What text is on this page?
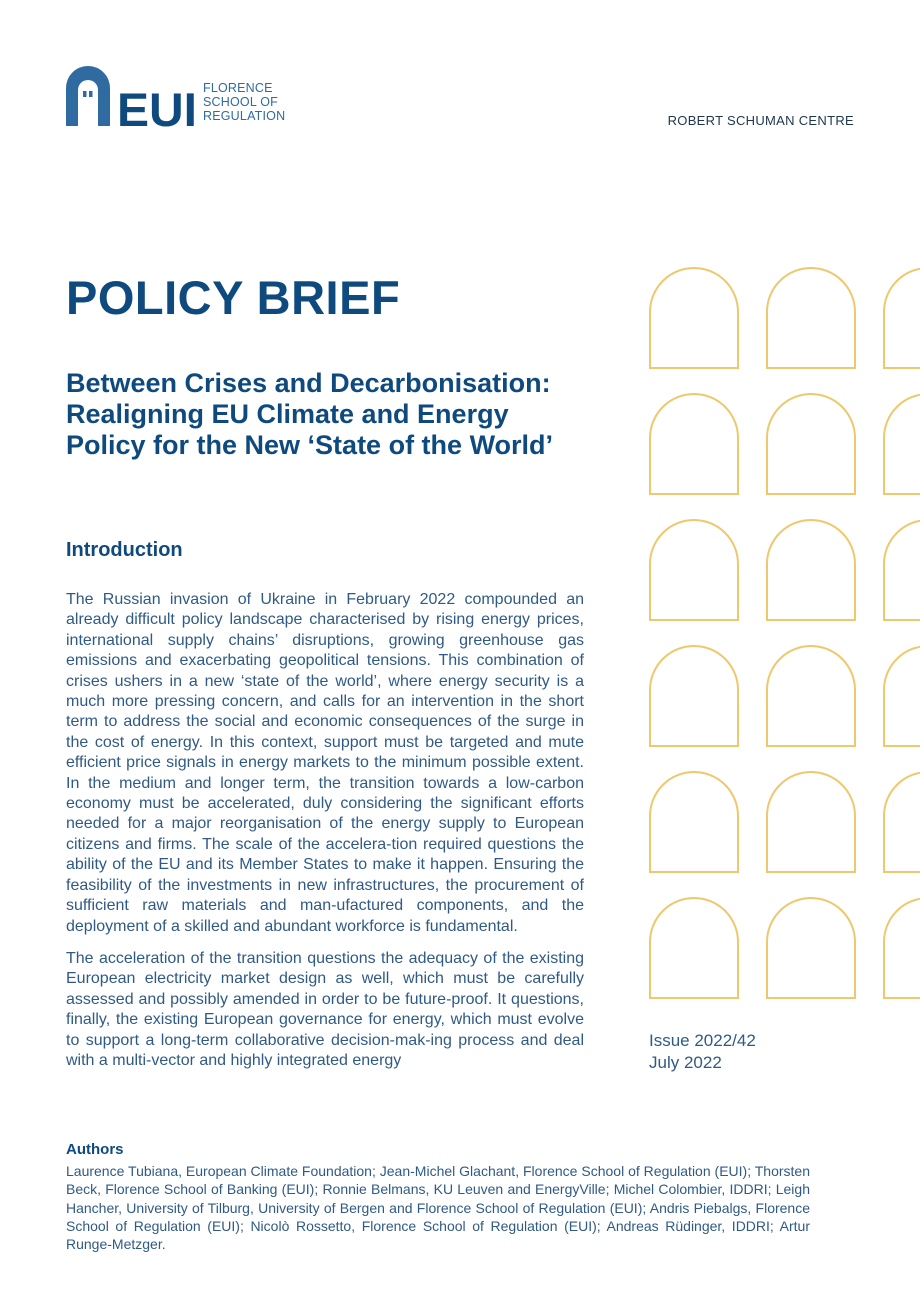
EUI FLORENCE
SCHOOL OF
REGULATION	ROBERT SCHUMAN CENTRE
POLICY BRIEF
Between Crises and Decarbonisation: Realigning EU Climate and Energy Policy for the New ‘State of the World’
Introduction

The Russian invasion of Ukraine in February 2022 compounded an already difficult policy landscape characterised by rising energy prices, international supply chains’ disruptions, growing greenhouse gas emissions and exacerbating geopolitical tensions. This combination of crises ushers in a new ‘state of the world’, where energy security is a much more pressing concern, and calls for an intervention in the short term to address the social and economic consequences of the surge in the cost of energy. In this context, support must be targeted and mute efficient price signals in energy markets to the minimum possible extent. In the medium and longer term, the transition towards a low-carbon economy must be accelerated, duly considering the significant efforts needed for a major reorganisation of the energy supply to European citizens and firms. The scale of the accelera-tion required questions the ability of the EU and its Member States to make it happen. Ensuring the feasibility of the investments in new infrastructures, the procurement of sufficient raw materials and man-ufactured components, and the deployment of a skilled and abundant workforce is fundamental.

The acceleration of the transition questions the adequacy of the existing European electricity market design as well, which must be carefully assessed and possibly amended in order to be future-proof. It questions, finally, the existing European governance for energy, which must evolve to support a long-term collaborative decision-mak-ing process and deal with a multi-vector and highly integrated energy

Issue 2022/42
July 2022
Authors

Laurence Tubiana, European Climate Foundation; Jean-Michel Glachant, Florence School of Regulation (EUI); Thorsten Beck, Florence School of Banking (EUI); Ronnie Belmans, KU Leuven and EnergyVille; Michel Colombier, IDDRI; Leigh Hancher, University of Tilburg, University of Bergen and Florence School of Regulation (EUI); Andris Piebalgs, Florence School of Regulation (EUI); Nicolò Rossetto, Florence School of Regulation (EUI); Andreas Rüdinger, IDDRI; Artur Runge-Metzger.
